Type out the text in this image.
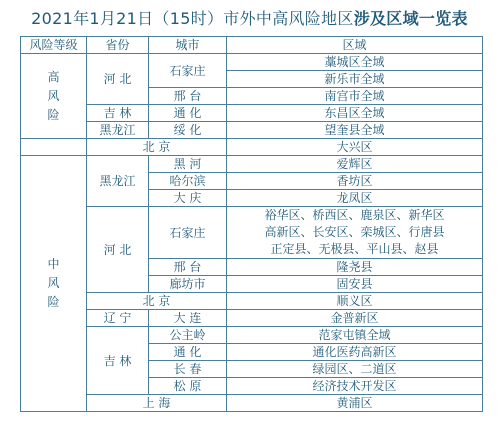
2021年1月21日（15时）市外中高风险地区涉及区域一览表
风险等级	省份	城市	区域
高
风
险	河 北	石家庄	藁城区全域
			新乐市全域
		邢 台	南宫市全域
	吉 林	通 化	东昌区全域
	黑龙江	绥 化	望奎县全域
	北 京		大兴区
中
风
险	黑龙江	黑 河	爱辉区
		哈尔滨	香坊区
		大 庆	龙凤区
	河 北	石家庄	裕华区、桥西区、鹿泉区、新华区
高新区、长安区、栾城区、行唐县
正定县、无极县、平山县、赵县
		邢 台	隆尧县
		廊坊市	固安县
	北 京		顺义区
	辽 宁	大 连	金普新区
	吉 林	公主岭	范家屯镇全域
		通 化	通化医药高新区
		长 春	绿园区、二道区
		松 原	经济技术开发区
	上 海		黄浦区
